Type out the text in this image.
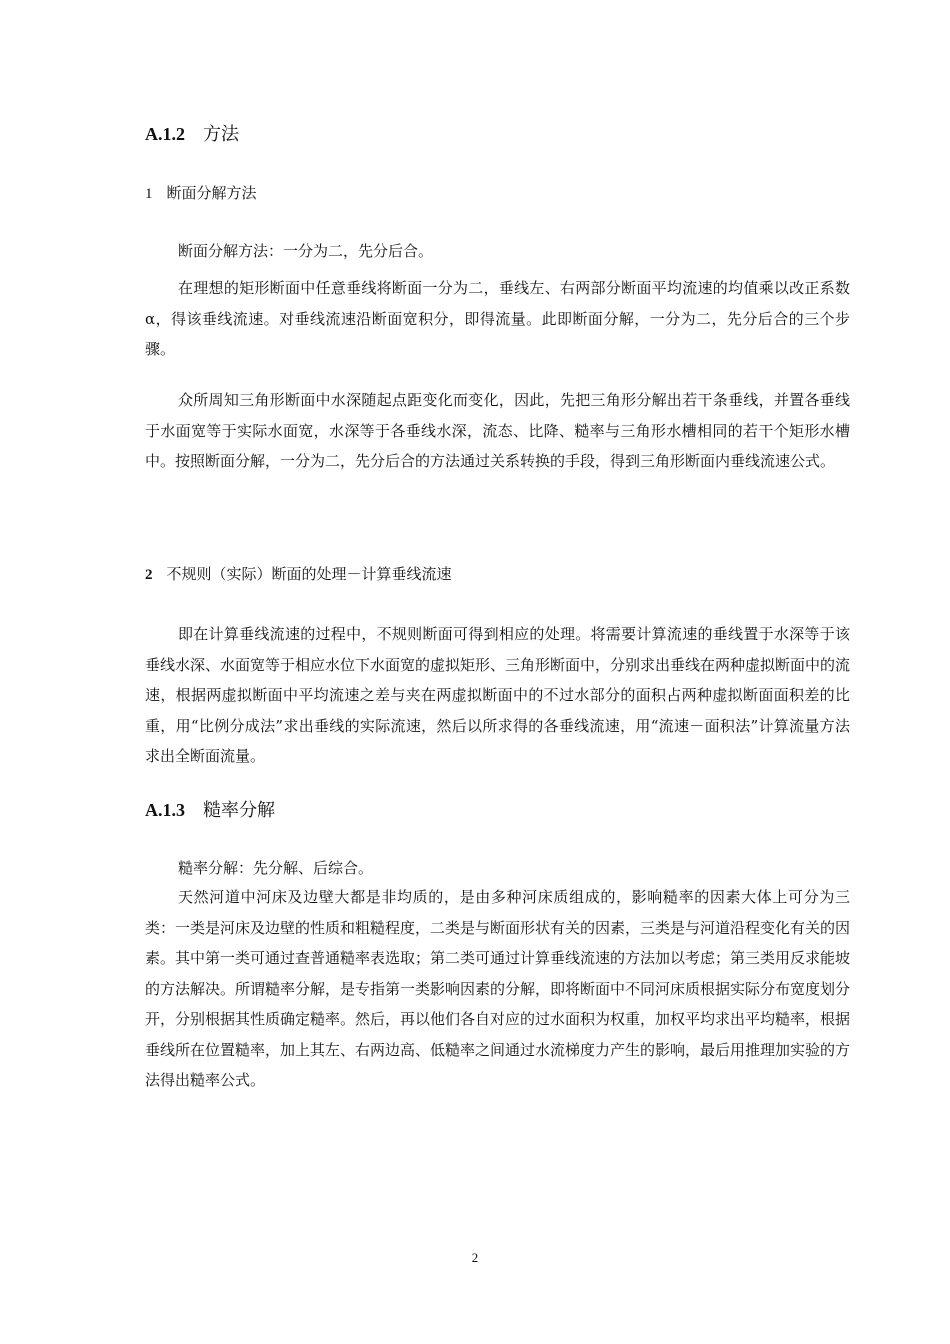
A.1.2 方法
1 断面分解方法

断面分解方法：一分为二，先分后合。

在理想的矩形断面中任意垂线将断面一分为二，垂线左、右两部分断面平均流速的均值乘以改正系数α，得该垂线流速。对垂线流速沿断面宽积分，即得流量。此即断面分解，一分为二，先分后合的三个步骤。

众所周知三角形断面中水深随起点距变化而变化，因此，先把三角形分解出若干条垂线，并置各垂线于水面宽等于实际水面宽，水深等于各垂线水深，流态、比降、糙率与三角形水槽相同的若干个矩形水槽中。按照断面分解，一分为二，先分后合的方法通过关系转换的手段，得到三角形断面内垂线流速公式。

2 不规则（实际）断面的处理－计算垂线流速

即在计算垂线流速的过程中，不规则断面可得到相应的处理。将需要计算流速的垂线置于水深等于该垂线水深、水面宽等于相应水位下水面宽的虚拟矩形、三角形断面中，分别求出垂线在两种虚拟断面中的流速，根据两虚拟断面中平均流速之差与夹在两虚拟断面中的不过水部分的面积占两种虚拟断面面积差的比重，用“比例分成法”求出垂线的实际流速，然后以所求得的各垂线流速，用“流速－面积法”计算流量方法求出全断面流量。

A.1.3 糙率分解

糙率分解：先分解、后综合。

天然河道中河床及边壁大都是非均质的，是由多种河床质组成的，影响糙率的因素大体上可分为三类：一类是河床及边壁的性质和粗糙程度，二类是与断面形状有关的因素，三类是与河道沿程变化有关的因素。其中第一类可通过查普通糙率表选取；第二类可通过计算垂线流速的方法加以考虑；第三类用反求能坡的方法解决。所谓糙率分解，是专指第一类影响因素的分解，即将断面中不同河床质根据实际分布宽度划分开，分别根据其性质确定糙率。然后，再以他们各自对应的过水面积为权重，加权平均求出平均糙率，根据垂线所在位置糙率，加上其左、右两边高、低糙率之间通过水流梯度力产生的影响，最后用推理加实验的方法得出糙率公式。

2
